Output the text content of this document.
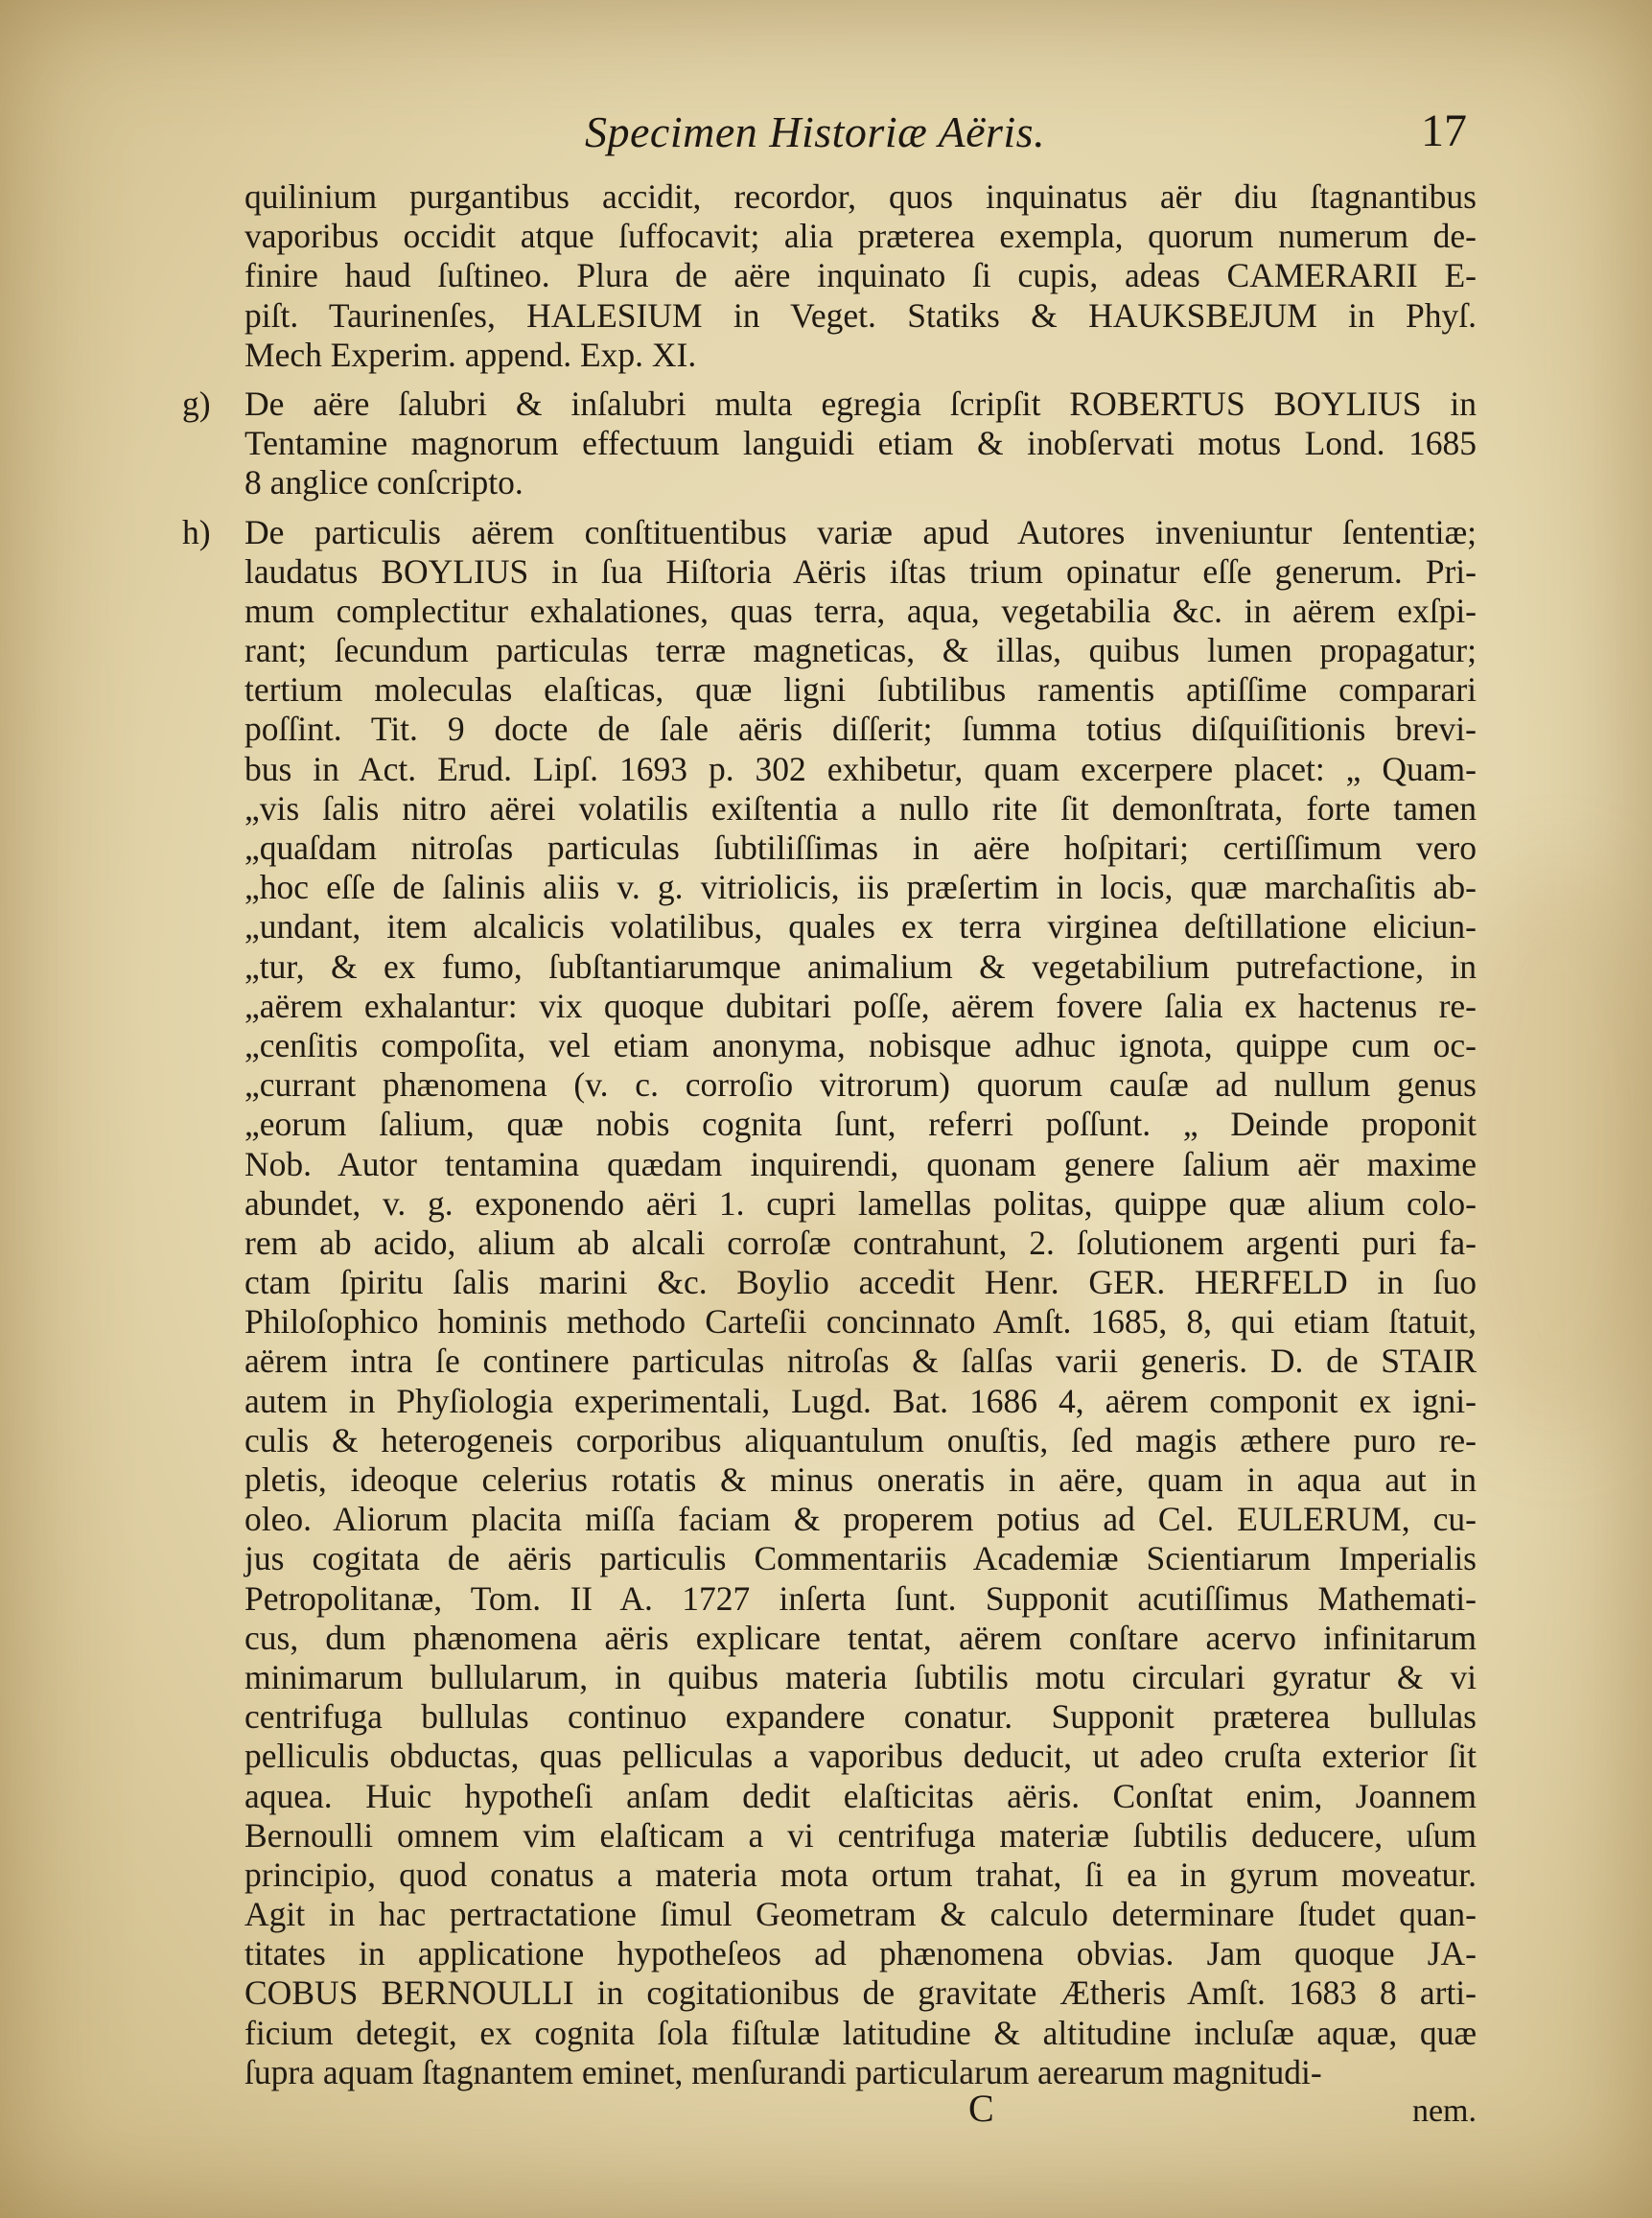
Specimen Historiæ Aëris.	17
quilinium purgantibus accidit, recordor, quos inquinatus aër diu ſtagnantibus
vaporibus occidit atque ſuffocavit; alia præterea exempla, quorum numerum de-
finire haud ſuſtineo. Plura de aëre inquinato ſi cupis, adeas CAMERARII E-
piſt. Taurinenſes, HALESIUM in Veget. Statiks & HAUKSBEJUM in Phyſ.
Mech Experim. append. Exp. XI.
g) De aëre ſalubri & inſalubri multa egregia ſcripſit ROBERTUS BOYLIUS in
Tentamine magnorum effectuum languidi etiam & inobſervati motus Lond. 1685
8 anglice conſcripto.
h) De particulis aërem conſtituentibus variæ apud Autores inveniuntur ſententiæ;
laudatus BOYLIUS in ſua Hiſtoria Aëris iſtas trium opinatur eſſe generum. Pri-
mum complectitur exhalationes, quas terra, aqua, vegetabilia &c. in aërem exſpi-
rant; ſecundum particulas terræ magneticas, & illas, quibus lumen propagatur;
tertium moleculas elaſticas, quæ ligni ſubtilibus ramentis aptiſſime comparari
poſſint. Tit. 9 docte de ſale aëris diſſerit; ſumma totius diſquiſitionis brevi-
bus in Act. Erud. Lipſ. 1693 p. 302 exhibetur, quam excerpere placet: „ Quam-
„vis ſalis nitro aërei volatilis exiſtentia a nullo rite ſit demonſtrata, forte tamen
„quaſdam nitroſas particulas ſubtiliſſimas in aëre hoſpitari; certiſſimum vero
„hoc eſſe de ſalinis aliis v. g. vitriolicis, iis præſertim in locis, quæ marchaſitis ab-
„undant, item alcalicis volatilibus, quales ex terra virginea deſtillatione eliciun-
„tur, & ex fumo, ſubſtantiarumque animalium & vegetabilium putrefactione, in
„aërem exhalantur: vix quoque dubitari poſſe, aërem fovere ſalia ex hactenus re-
„cenſitis compoſita, vel etiam anonyma, nobisque adhuc ignota, quippe cum oc-
„currant phænomena (v. c. corroſio vitrorum) quorum cauſæ ad nullum genus
„eorum ſalium, quæ nobis cognita ſunt, referri poſſunt. „ Deinde proponit
Nob. Autor tentamina quædam inquirendi, quonam genere ſalium aër maxime
abundet, v. g. exponendo aëri 1. cupri lamellas politas, quippe quæ alium colo-
rem ab acido, alium ab alcali corroſæ contrahunt, 2. ſolutionem argenti puri fa-
ctam ſpiritu ſalis marini &c. Boylio accedit Henr. GER. HERFELD in ſuo
Philoſophico hominis methodo Carteſii concinnato Amſt. 1685, 8, qui etiam ſtatuit,
aërem intra ſe continere particulas nitroſas & ſalſas varii generis. D. de STAIR
autem in Phyſiologia experimentali, Lugd. Bat. 1686 4, aërem componit ex igni-
culis & heterogeneis corporibus aliquantulum onuſtis, ſed magis æthere puro re-
pletis, ideoque celerius rotatis & minus oneratis in aëre, quam in aqua aut in
oleo. Aliorum placita miſſa faciam & properem potius ad Cel. EULERUM, cu-
jus cogitata de aëris particulis Commentariis Academiæ Scientiarum Imperialis
Petropolitanæ, Tom. II A. 1727 inſerta ſunt. Supponit acutiſſimus Mathemati-
cus, dum phænomena aëris explicare tentat, aërem conſtare acervo infinitarum
minimarum bullularum, in quibus materia ſubtilis motu circulari gyratur & vi
centrifuga bullulas continuo expandere conatur. Supponit præterea bullulas
pelliculis obductas, quas pelliculas a vaporibus deducit, ut adeo cruſta exterior ſit
aquea. Huic hypotheſi anſam dedit elaſticitas aëris. Conſtat enim, Joannem
Bernoulli omnem vim elaſticam a vi centrifuga materiæ ſubtilis deducere, uſum
principio, quod conatus a materia mota ortum trahat, ſi ea in gyrum moveatur.
Agit in hac pertractatione ſimul Geometram & calculo determinare ſtudet quan-
titates in applicatione hypotheſeos ad phænomena obvias. Jam quoque JA-
COBUS BERNOULLI in cogitationibus de gravitate Ætheris Amſt. 1683 8 arti-
ficium detegit, ex cognita ſola fiſtulæ latitudine & altitudine incluſæ aquæ, quæ
ſupra aquam ſtagnantem eminet, menſurandi particularum aerearum magnitudi-
C	nem.
